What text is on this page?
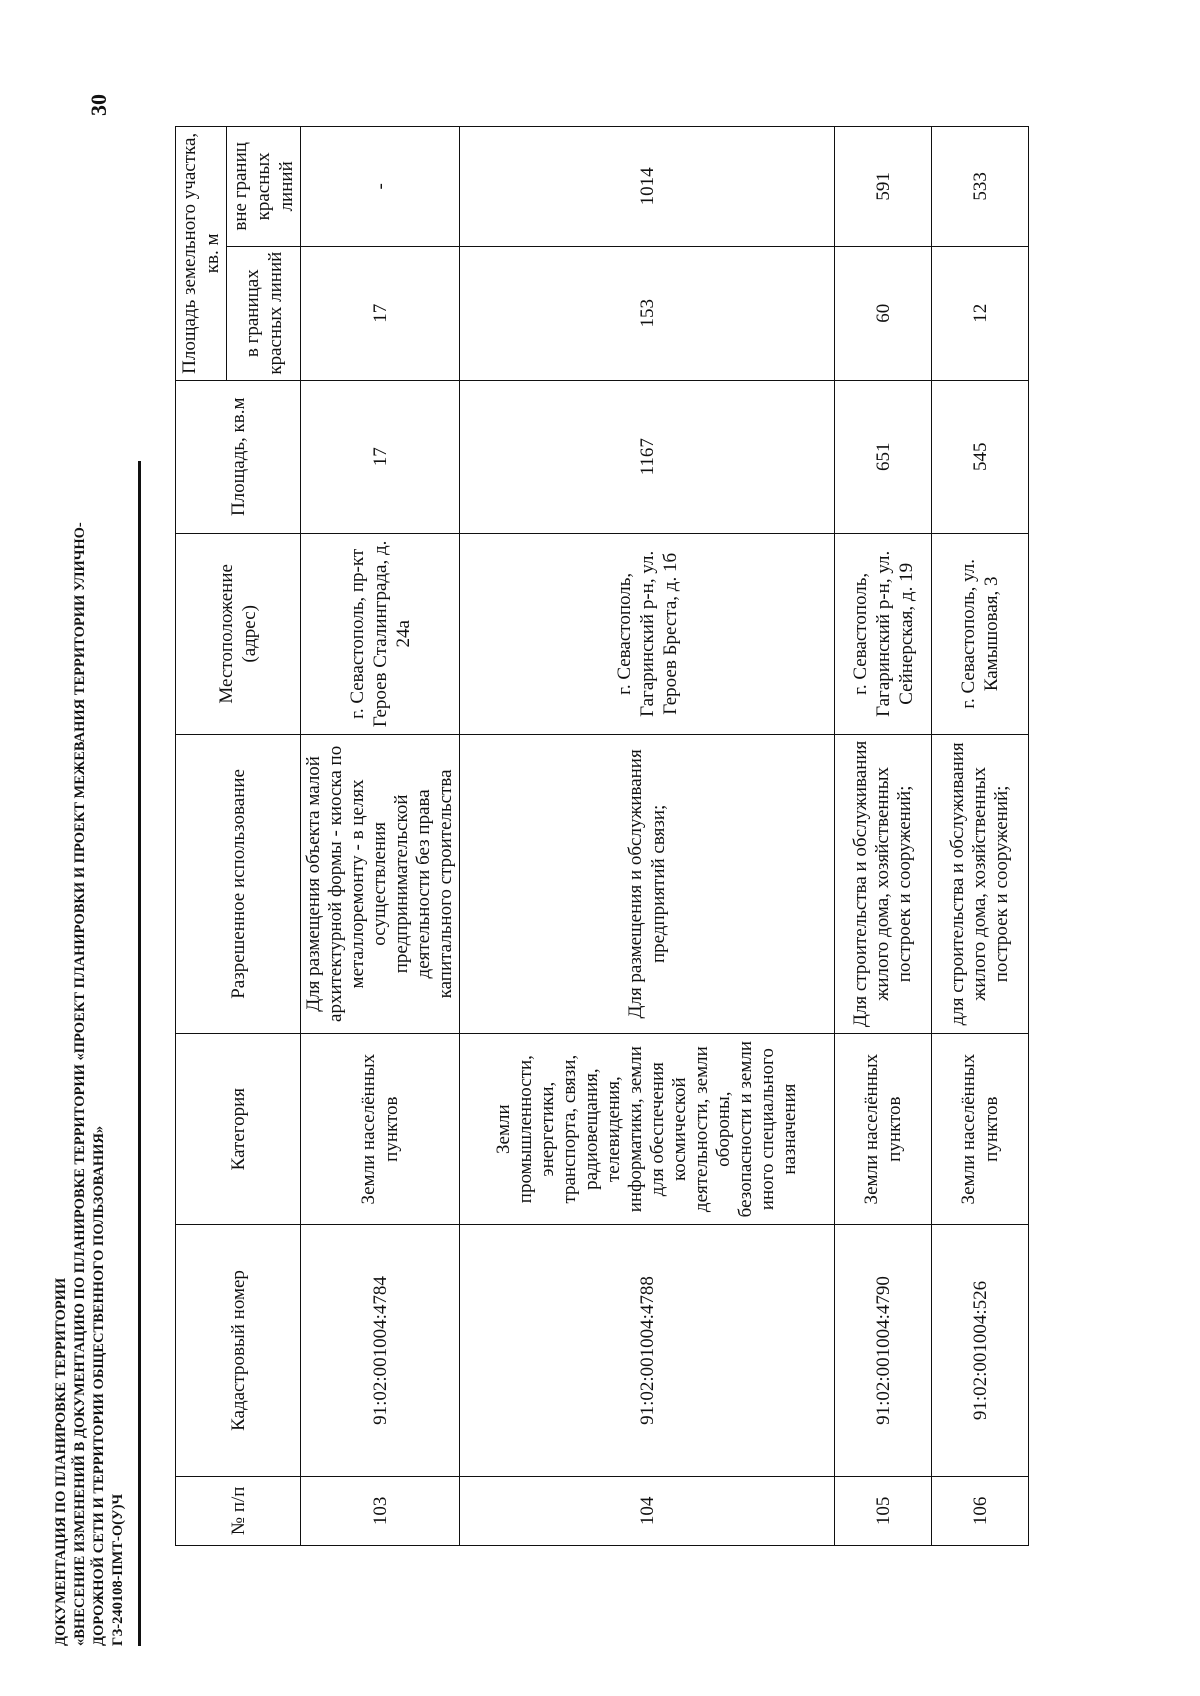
30
ДОКУМЕНТАЦИЯ ПО ПЛАНИРОВКЕ ТЕРРИТОРИИ «ВНЕСЕНИЕ ИЗМЕНЕНИЙ В ДОКУМЕНТАЦИЮ ПО ПЛАНИРОВКЕ ТЕРРИТОРИИ «ПРОЕКТ ПЛАНИРОВКИ И ПРОЕКТ МЕЖЕВАНИЯ ТЕРРИТОРИИ УЛИЧНО- ДОРОЖНОЙ СЕТИ И ТЕРРИТОРИИ ОБЩЕСТВЕННОГО ПОЛЬЗОВАНИЯ» ГЗ-240108-ПМТ-О(У)Ч	№ п/п	Кадастровый номер	Категория	Разрешенное использование	Местоположение (адрес)	Площадь, кв.м	Площадь земельного участка, кв. м	
						в границах красных линий	вне границ красных линий
103	91:02:001004:4784	Земли населённых пунктов	Для размещения объекта малой архитектурной формы - киоска по металлоремонту - в целях осуществления предпринимательской деятельности без права капитального строительства	г. Севастополь, пр-кт Героев Сталинграда, д. 24а	17	17	-
104	91:02:001004:4788	Земли промышленности, энергетики, транспорта, связи, радиовещания, телевидения, информатики, земли для обеспечения космической деятельности, земли обороны, безопасности и земли иного специального назначения	Для размещения и обслуживания предприятий связи;	г. Севастополь, Гагаринский р-н, ул. Героев Бреста, д. 1б	1167	153	1014
105	91:02:001004:4790	Земли населённых пунктов	Для строительства и обслуживания жилого дома, хозяйственных построек и сооружений;	г. Севастополь, Гагаринский р-н, ул. Сейнерская, д. 19	651	60	591
106	91:02:001004:526	Земли населённых пунктов	для строительства и обслуживания жилого дома, хозяйственных построек и сооружений;	г. Севастополь, ул. Камышовая, 3	545	12	533
